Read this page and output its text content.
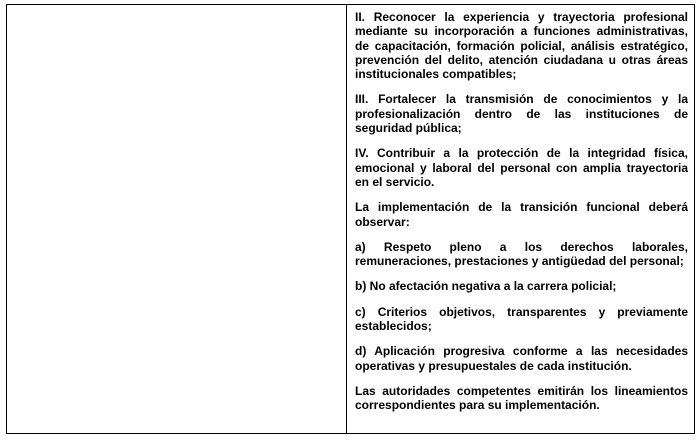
II. Reconocer la experiencia y trayectoria profesional mediante su incorporación a funciones administrativas, de capacitación, formación policial, análisis estratégico, prevención del delito, atención ciudadana u otras áreas institucionales compatibles;

III. Fortalecer la transmisión de conocimientos y la profesionalización dentro de las instituciones de seguridad pública;

IV. Contribuir a la protección de la integridad física, emocional y laboral del personal con amplia trayectoria en el servicio.

La implementación de la transición funcional deberá observar:

a) Respeto pleno a los derechos laborales, remuneraciones, prestaciones y antigüedad del personal;

b) No afectación negativa a la carrera policial;

c) Criterios objetivos, transparentes y previamente establecidos;

d) Aplicación progresiva conforme a las necesidades operativas y presupuestales de cada institución.

Las autoridades competentes emitirán los lineamientos correspondientes para su implementación.
